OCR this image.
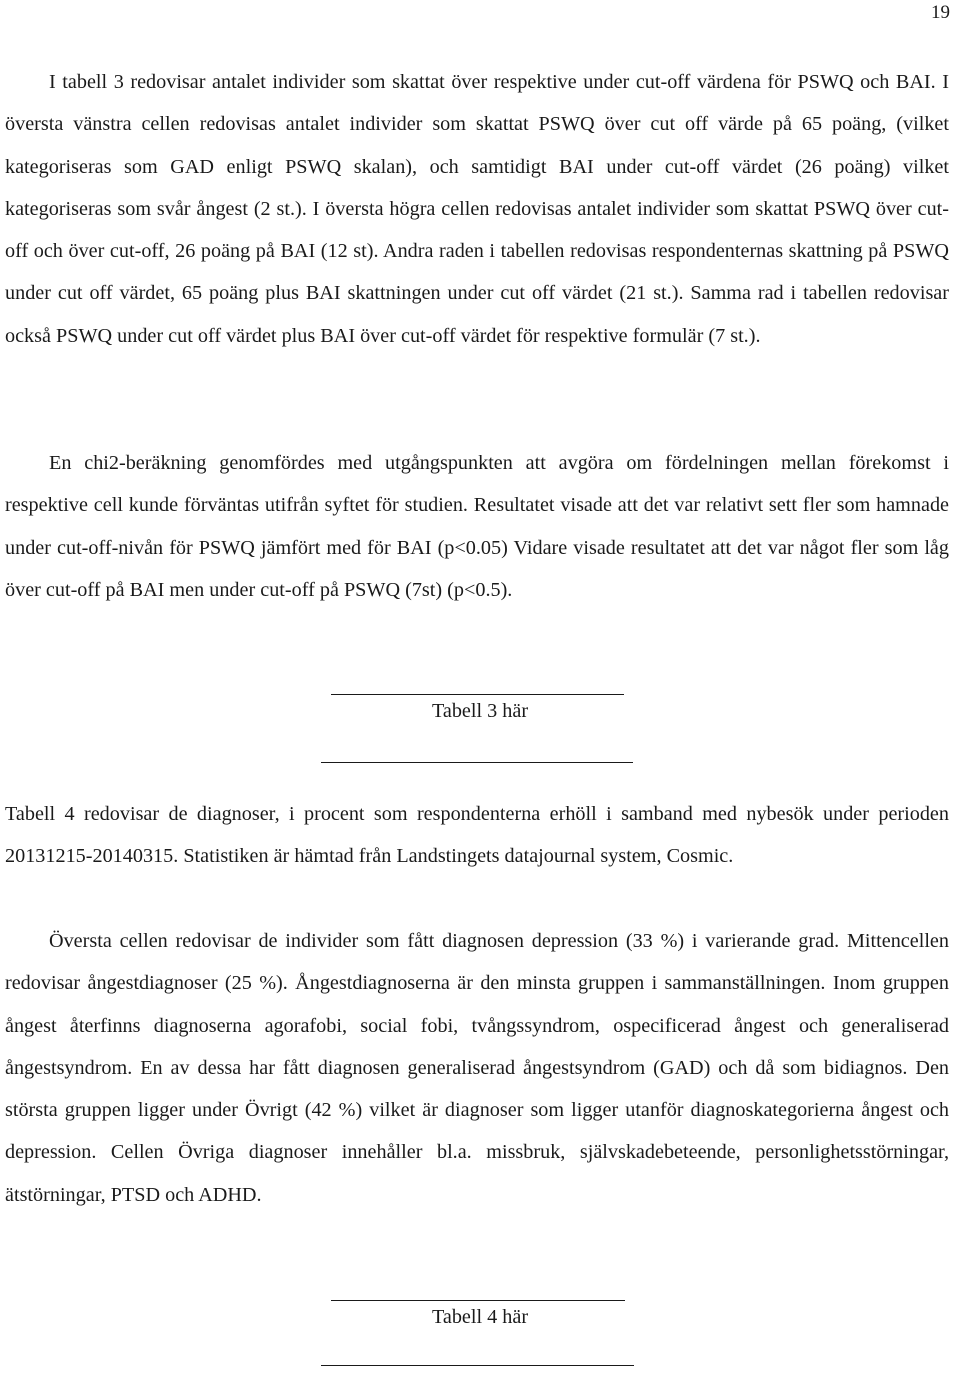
19

I tabell 3 redovisar antalet individer som skattat över respektive under cut-off värdena för PSWQ och BAI. I översta vänstra cellen redovisas antalet individer som skattat PSWQ över cut off värde på 65 poäng, (vilket kategoriseras som GAD enligt PSWQ skalan), och samtidigt BAI under cut-off värdet (26 poäng) vilket kategoriseras som svår ångest (2 st.). I översta högra cellen redovisas antalet individer som skattat PSWQ över cut-off och över cut-off, 26 poäng på BAI (12 st). Andra raden i tabellen redovisas respondenternas skattning på PSWQ under cut off värdet, 65 poäng plus BAI skattningen under cut off värdet (21 st.). Samma rad i tabellen redovisar också PSWQ under cut off värdet plus BAI över cut-off värdet för respektive formulär (7 st.).

En chi2-beräkning genomfördes med utgångspunkten att avgöra om fördelningen mellan förekomst i respektive cell kunde förväntas utifrån syftet för studien. Resultatet visade att det var relativt sett fler som hamnade under cut-off-nivån för PSWQ jämfört med för BAI (p<0.05) Vidare visade resultatet att det var något fler som låg över cut-off på BAI men under cut-off på PSWQ (7st) (p<0.5).

Tabell 3 här

Tabell 4 redovisar de diagnoser, i procent som respondenterna erhöll i samband med nybesök under perioden 20131215-20140315. Statistiken är hämtad från Landstingets datajournal system, Cosmic.

Översta cellen redovisar de individer som fått diagnosen depression (33 %) i varierande grad. Mittencellen redovisar ångestdiagnoser (25 %). Ångestdiagnoserna är den minsta gruppen i sammanställningen. Inom gruppen ångest återfinns diagnoserna agorafobi, social fobi, tvångssyndrom, ospecificerad ångest och generaliserad ångestsyndrom. En av dessa har fått diagnosen generaliserad ångestsyndrom (GAD) och då som bidiagnos. Den största gruppen ligger under Övrigt (42 %) vilket är diagnoser som ligger utanför diagnoskategorierna ångest och depression. Cellen Övriga diagnoser innehåller bl.a. missbruk, självskadebeteende, personlighetsstörningar, ätstörningar, PTSD och ADHD.

Tabell 4 här
